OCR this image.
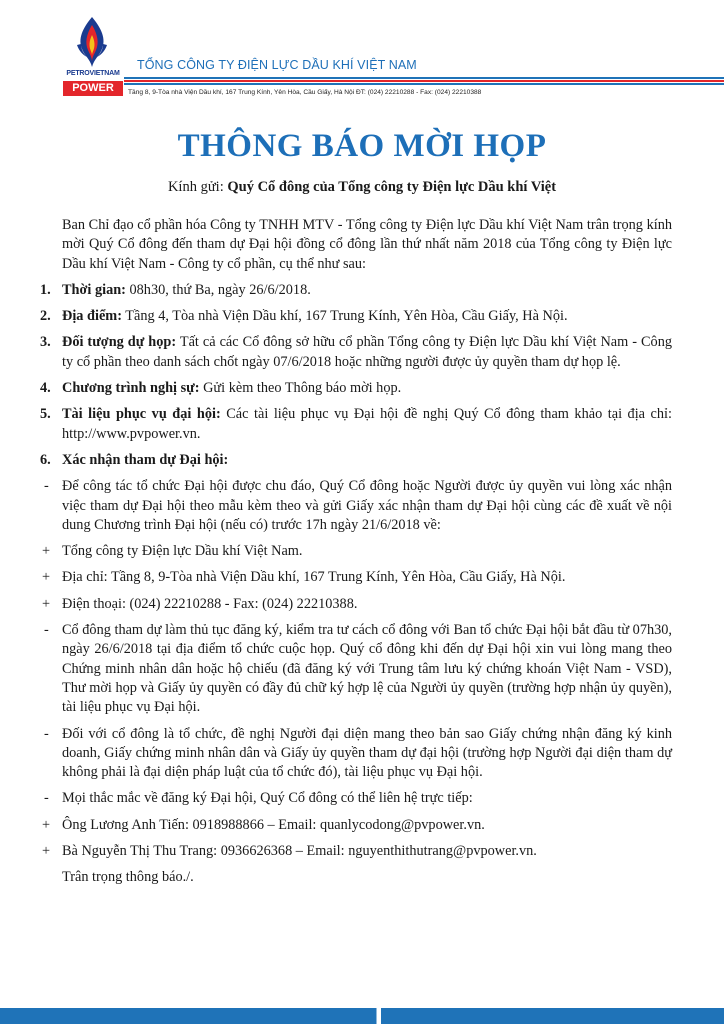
PETROVIETNAM
POWER
TỔNG CÔNG TY ĐIỆN LỰC DẦU KHÍ VIỆT NAM
Tầng 8, 9-Tòa nhà Viện Dầu khí, 167 Trung Kính, Yên Hòa, Cầu Giấy, Hà Nội ĐT: (024) 22210288 - Fax: (024) 22210388
THÔNG BÁO MỜI HỌP

Kính gửi: Quý Cổ đông của Tổng công ty Điện lực Dầu khí Việt

Ban Chỉ đạo cổ phần hóa Công ty TNHH MTV - Tổng công ty Điện lực Dầu khí Việt Nam trân trọng kính mời Quý Cổ đông đến tham dự Đại hội đồng cổ đông lần thứ nhất năm 2018 của Tổng công ty Điện lực Dầu khí Việt Nam - Công ty cổ phần, cụ thể như sau:

1. Thời gian: 08h30, thứ Ba, ngày 26/6/2018.

2. Địa điểm: Tầng 4, Tòa nhà Viện Dầu khí, 167 Trung Kính, Yên Hòa, Cầu Giấy, Hà Nội.

3. Đối tượng dự họp: Tất cả các Cổ đông sở hữu cổ phần Tổng công ty Điện lực Dầu khí Việt Nam - Công ty cổ phần theo danh sách chốt ngày 07/6/2018 hoặc những người được ủy quyền tham dự họp lệ.

4. Chương trình nghị sự: Gửi kèm theo Thông báo mời họp.

5. Tài liệu phục vụ đại hội: Các tài liệu phục vụ Đại hội đề nghị Quý Cổ đông tham khảo tại địa chỉ: http://www.pvpower.vn.

6. Xác nhận tham dự Đại hội:

- Để công tác tổ chức Đại hội được chu đáo, Quý Cổ đông hoặc Người được ủy quyền vui lòng xác nhận việc tham dự Đại hội theo mẫu kèm theo và gửi Giấy xác nhận tham dự Đại hội cùng các đề xuất về nội dung Chương trình Đại hội (nếu có) trước 17h ngày 21/6/2018 về:

+ Tổng công ty Điện lực Dầu khí Việt Nam.

+ Địa chỉ: Tầng 8, 9-Tòa nhà Viện Dầu khí, 167 Trung Kính, Yên Hòa, Cầu Giấy, Hà Nội.

+ Điện thoại: (024) 22210288 - Fax: (024) 22210388.

- Cổ đông tham dự làm thủ tục đăng ký, kiểm tra tư cách cổ đông với Ban tổ chức Đại hội bắt đầu từ 07h30, ngày 26/6/2018 tại địa điểm tổ chức cuộc họp. Quý cổ đông khi đến dự Đại hội xin vui lòng mang theo Chứng minh nhân dân hoặc hộ chiếu (đã đăng ký với Trung tâm lưu ký chứng khoán Việt Nam - VSD), Thư mời họp và Giấy ủy quyền có đầy đủ chữ ký hợp lệ của Người ủy quyền (trường hợp nhận ủy quyền), tài liệu phục vụ Đại hội.

- Đối với cổ đông là tổ chức, đề nghị Người đại diện mang theo bản sao Giấy chứng nhận đăng ký kinh doanh, Giấy chứng minh nhân dân và Giấy ủy quyền tham dự đại hội (trường hợp Người đại diện tham dự không phải là đại diện pháp luật của tổ chức đó), tài liệu phục vụ Đại hội.

- Mọi thắc mắc về đăng ký Đại hội, Quý Cổ đông có thể liên hệ trực tiếp:

+ Ông Lương Anh Tiến: 0918988866 – Email: quanlycodong@pvpower.vn.

+ Bà Nguyễn Thị Thu Trang: 0936626368 – Email: nguyenthithutrang@pvpower.vn.

Trân trọng thông báo./.
